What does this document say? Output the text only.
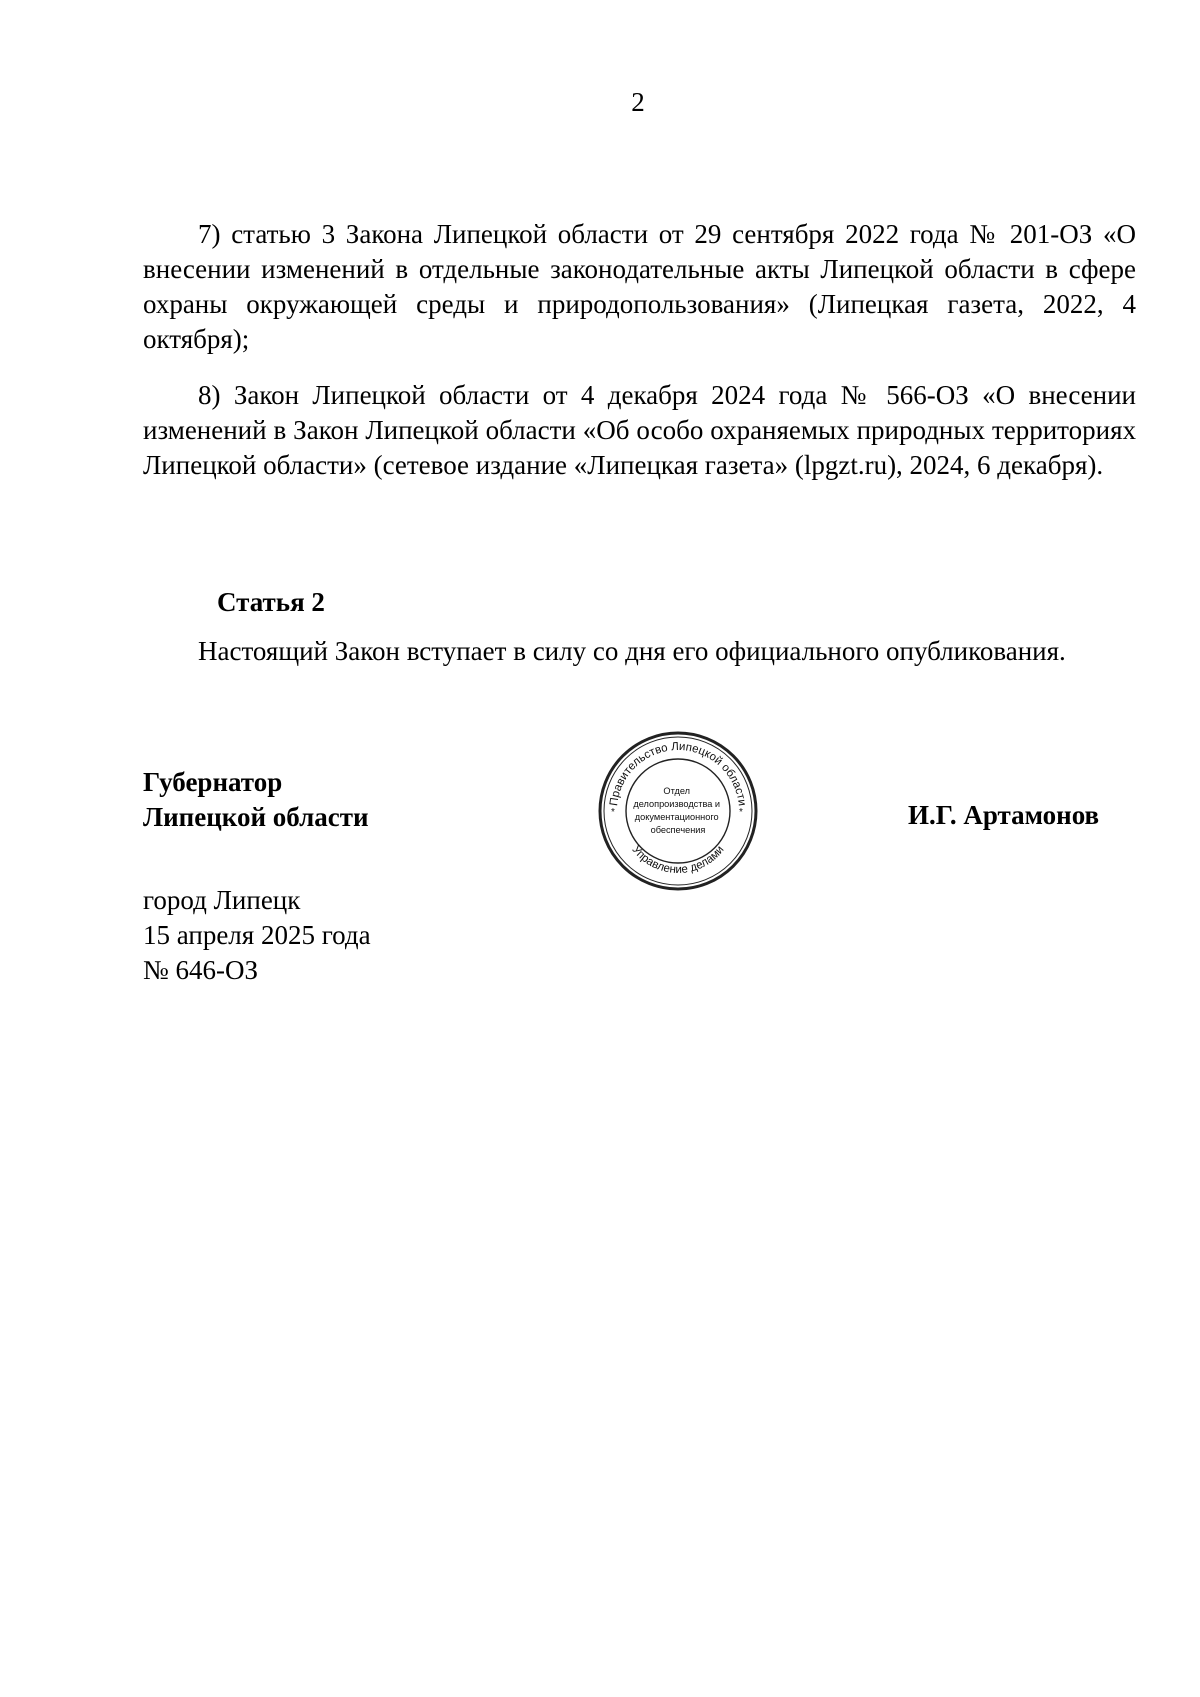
2

7) статью 3 Закона Липецкой области от 29 сентября 2022 года № 201-ОЗ «О внесении изменений в отдельные законодательные акты Липецкой области в сфере охраны окружающей среды и природопользования» (Липецкая газета, 2022, 4 октября);

8) Закон Липецкой области от 4 декабря 2024 года № 566-ОЗ «О внесении изменений в Закон Липецкой области «Об особо охраняемых природных территориях Липецкой области» (сетевое издание «Липецкая газета» (lpgzt.ru), 2024, 6 декабря).

Статья 2

Настоящий Закон вступает в силу со дня его официального опубликования.

Губернатор
Липецкой области
Правительство Липецкой области
Управление делами
*	*
Отдел делопроизводства и документационного обеспечения	И.Г. Артамонов
город Липецк
15 апреля 2025 года
№ 646-ОЗ
